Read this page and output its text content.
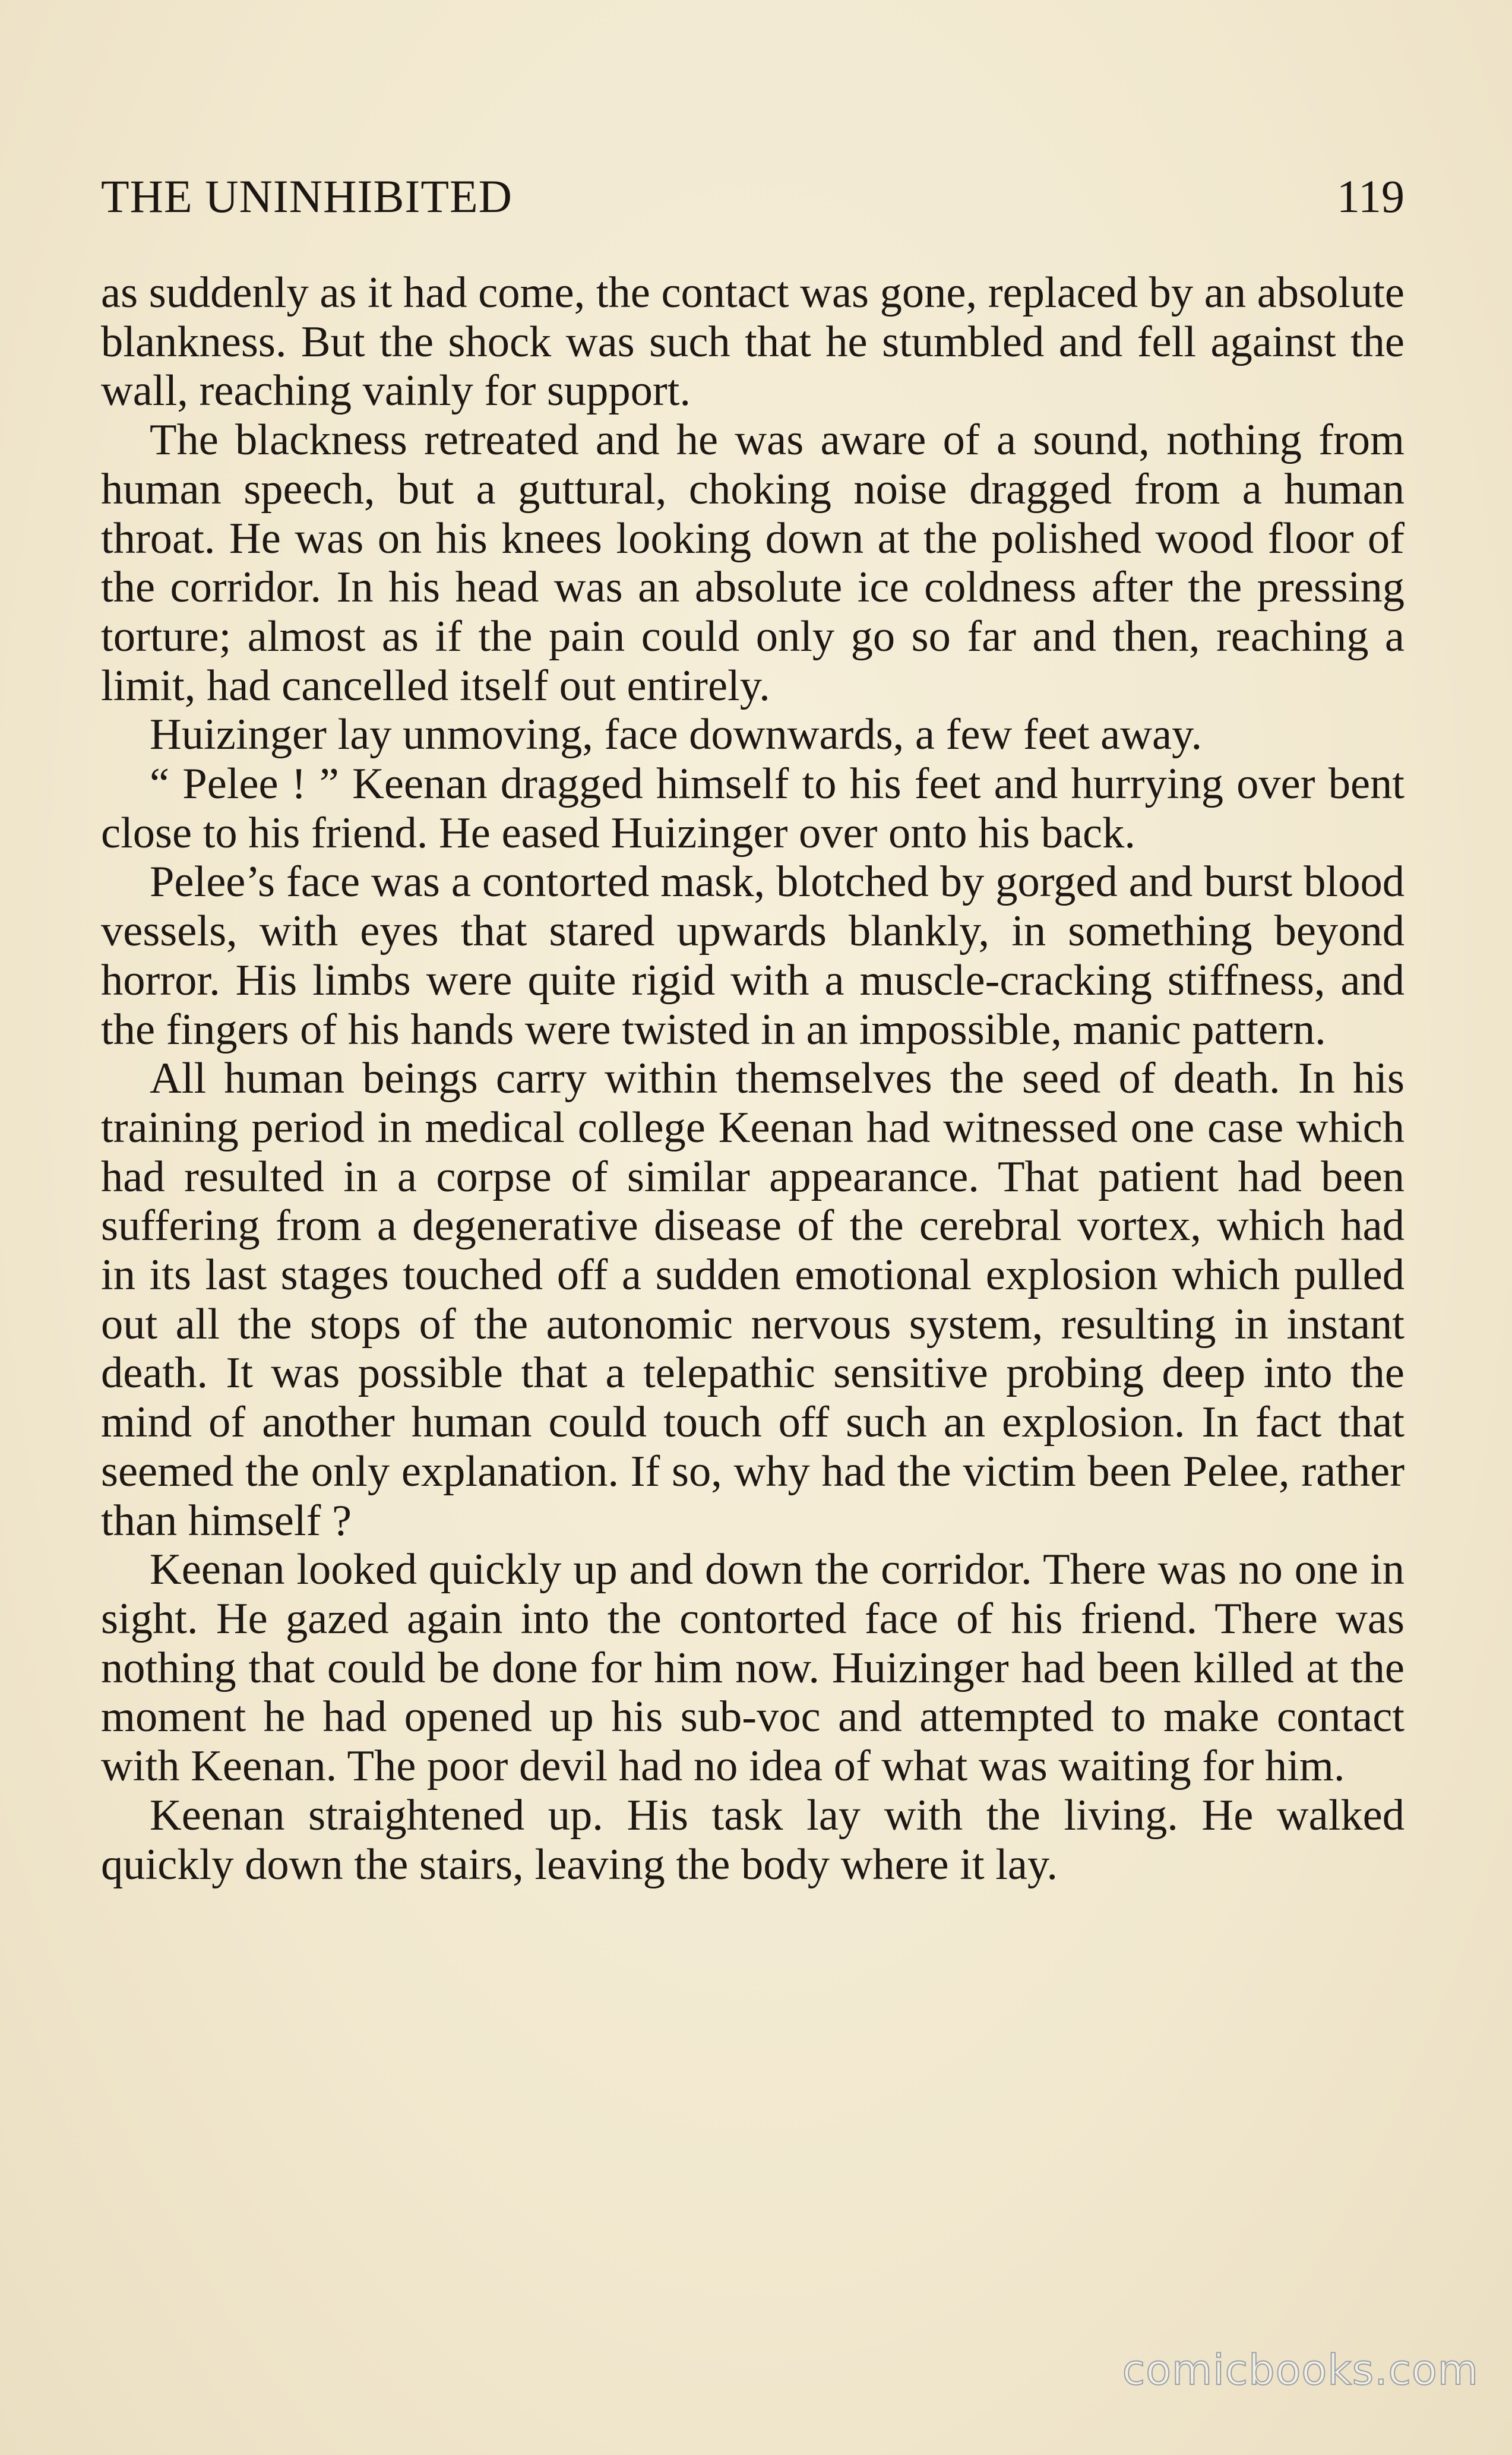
THE UNINHIBITED	119

as suddenly as it had come, the contact was gone, replaced by an absolute blankness. But the shock was such that he stumbled and fell against the wall, reaching vainly for support.

The blackness retreated and he was aware of a sound, nothing from human speech, but a guttural, choking noise dragged from a human throat. He was on his knees looking down at the polished wood floor of the corridor. In his head was an absolute ice coldness after the pressing torture; almost as if the pain could only go so far and then, reaching a limit, had cancelled itself out entirely.

Huizinger lay unmoving, face downwards, a few feet away.

“ Pelee ! ” Keenan dragged himself to his feet and hurrying over bent close to his friend. He eased Huizinger over onto his back.

Pelee’s face was a contorted mask, blotched by gorged and burst blood vessels, with eyes that stared upwards blankly, in something beyond horror. His limbs were quite rigid with a muscle-cracking stiffness, and the fingers of his hands were twisted in an impossible, manic pattern.

All human beings carry within themselves the seed of death. In his training period in medical college Keenan had witnessed one case which had resulted in a corpse of similar appearance. That patient had been suffering from a degenerative disease of the cerebral vortex, which had in its last stages touched off a sudden emotional explosion which pulled out all the stops of the autonomic nervous system, resulting in instant death. It was possible that a telepathic sensitive probing deep into the mind of another human could touch off such an explosion. In fact that seemed the only explanation. If so, why had the victim been Pelee, rather than himself ?

Keenan looked quickly up and down the corridor. There was no one in sight. He gazed again into the contorted face of his friend. There was nothing that could be done for him now. Huizinger had been killed at the moment he had opened up his sub-voc and attempted to make contact with Keenan. The poor devil had no idea of what was waiting for him.

Keenan straightened up. His task lay with the living. He walked quickly down the stairs, leaving the body where it lay.

comicbooks.com
